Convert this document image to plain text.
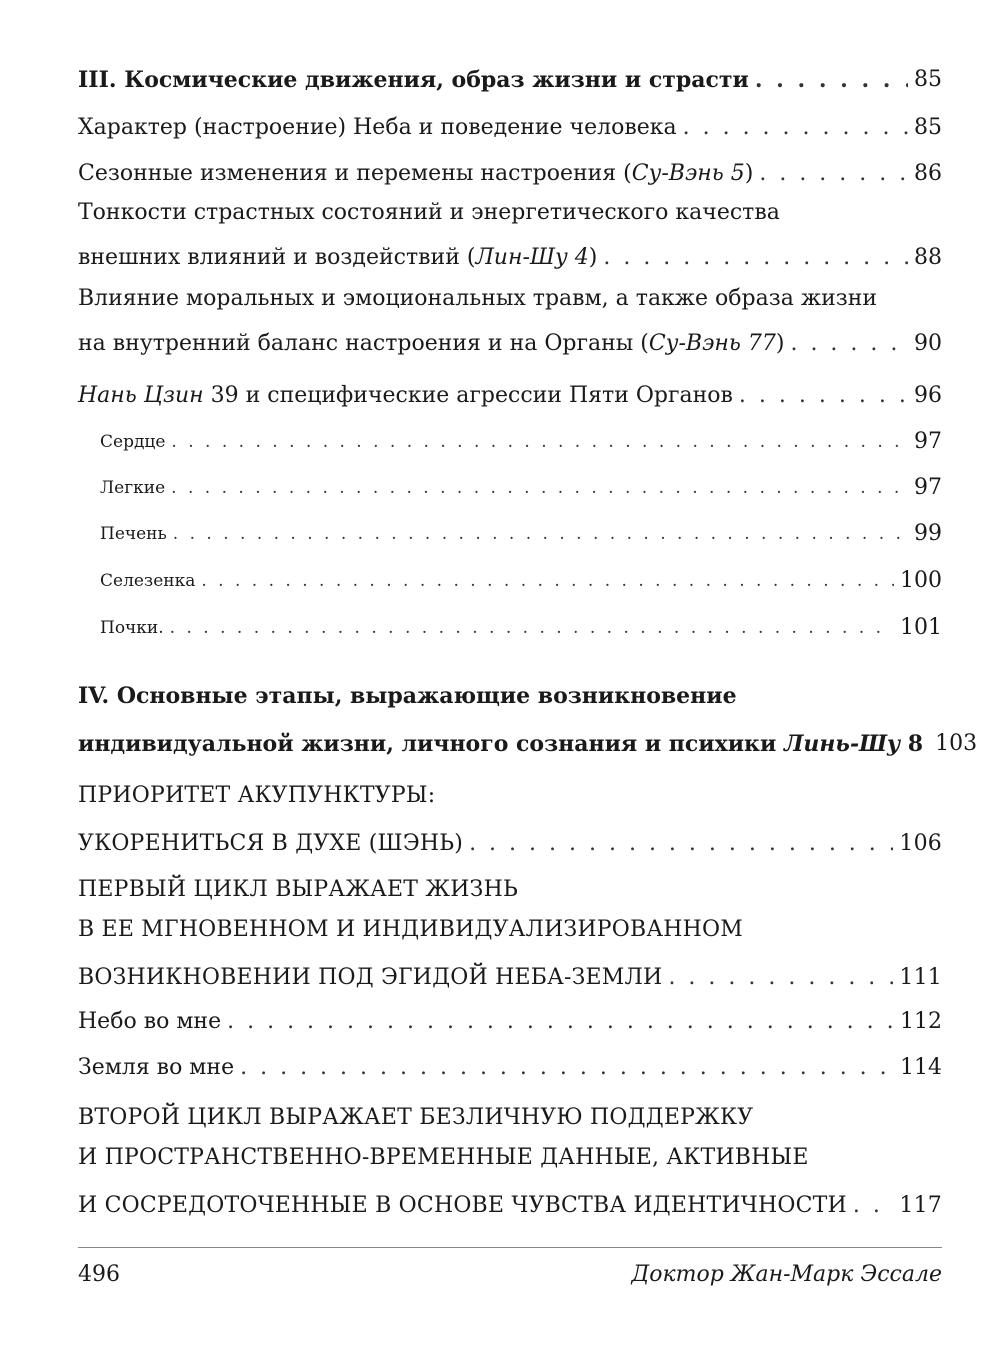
III. Космические движения, образ жизни и страсти . . .	85
Характер (настроение) Неба и поведение человека . . .	85
Сезонные изменения и перемены настроения (Су-Вэнь 5) . . .	86
Тонкости страстных состояний и энергетического качества
внешних влияний и воздействий (Лин-Шу 4) . . .	88
Влияние моральных и эмоциональных травм, а также образа жизни
на внутренний баланс настроения и на Органы (Су-Вэнь 77) . . .	90
Нань Цзин 39 и специфические агрессии Пяти Органов . . .	96
Сердце . . .	97
Легкие . . .	97
Печень . . .	99
Селезенка . . .	100
Почки. . . .	101
IV. Основные этапы, выражающие возникновение
индивидуальной жизни, личного сознания и психики Линь-Шу 8 103
ПРИОРИТЕТ АКУПУНКТУРЫ:
УКОРЕНИТЬСЯ В ДУХЕ (ШЭНЬ) . . .	106
ПЕРВЫЙ ЦИКЛ ВЫРАЖАЕТ ЖИЗНЬ
В ЕЕ МГНОВЕННОМ И ИНДИВИДУАЛИЗИРОВАННОМ
ВОЗНИКНОВЕНИИ ПОД ЭГИДОЙ НЕБА-ЗЕМЛИ . . .	111
Небо во мне . . .	112
Земля во мне . . .	114
ВТОРОЙ ЦИКЛ ВЫРАЖАЕТ БЕЗЛИЧНУЮ ПОДДЕРЖКУ
И ПРОСТРАНСТВЕННО-ВРЕМЕННЫЕ ДАННЫЕ, АКТИВНЫЕ
И СОСРЕДОТОЧЕННЫЕ В ОСНОВЕ ЧУВСТВА ИДЕНТИЧНОСТИ . . . 117
496	Доктор Жан-Марк Эссале
